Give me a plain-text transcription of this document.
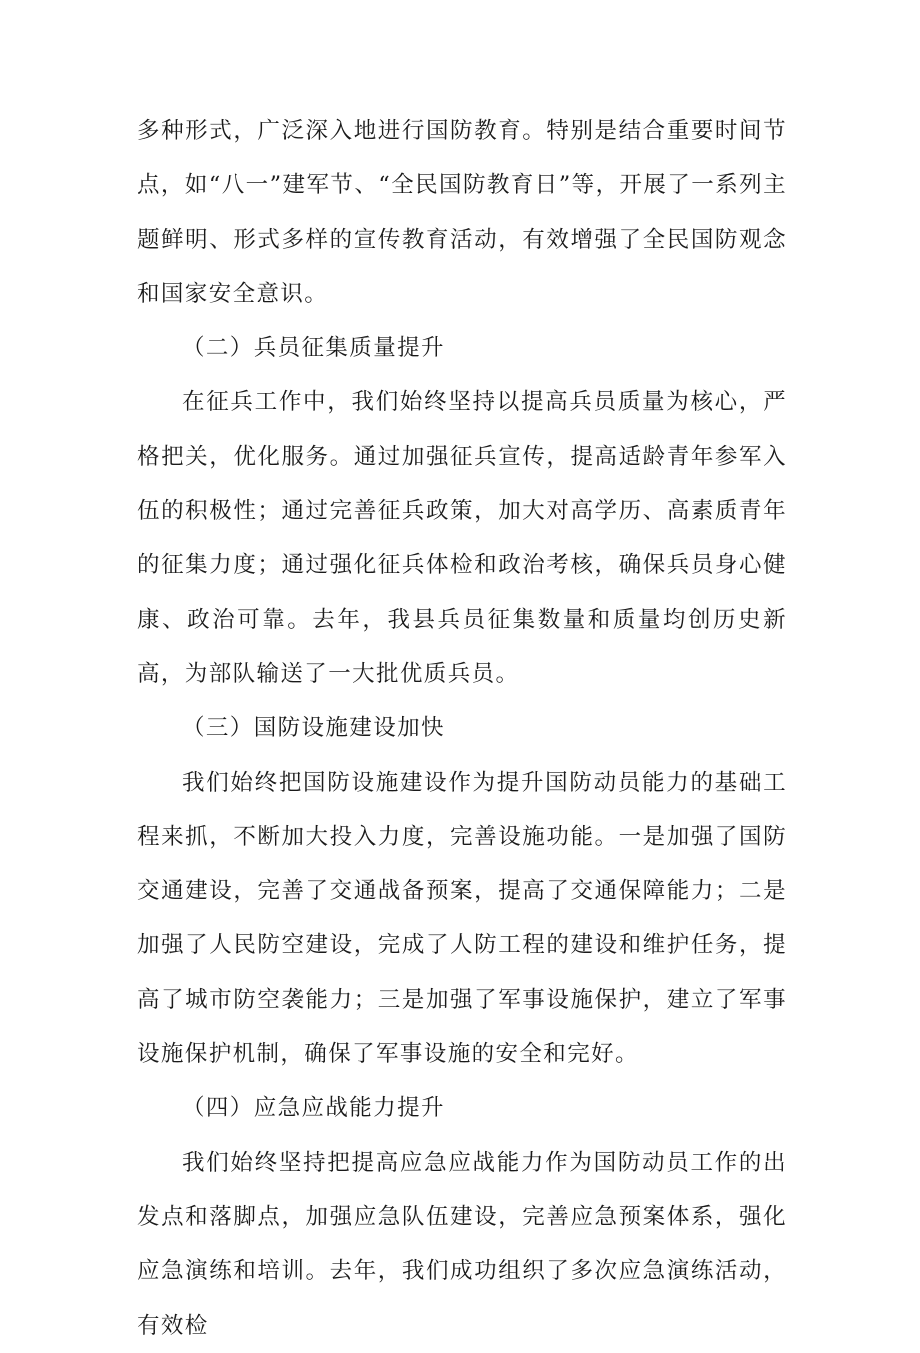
多种形式，广泛深入地进行国防教育。特别是结合重要时间节点，如“八一”建军节、“全民国防教育日”等，开展了一系列主题鲜明、形式多样的宣传教育活动，有效增强了全民国防观念和国家安全意识。

（二）兵员征集质量提升

在征兵工作中，我们始终坚持以提高兵员质量为核心，严格把关，优化服务。通过加强征兵宣传，提高适龄青年参军入伍的积极性；通过完善征兵政策，加大对高学历、高素质青年的征集力度；通过强化征兵体检和政治考核，确保兵员身心健康、政治可靠。去年，我县兵员征集数量和质量均创历史新高，为部队输送了一大批优质兵员。

（三）国防设施建设加快

我们始终把国防设施建设作为提升国防动员能力的基础工程来抓，不断加大投入力度，完善设施功能。一是加强了国防交通建设，完善了交通战备预案，提高了交通保障能力；二是加强了人民防空建设，完成了人防工程的建设和维护任务，提高了城市防空袭能力；三是加强了军事设施保护，建立了军事设施保护机制，确保了军事设施的安全和完好。

（四）应急应战能力提升

我们始终坚持把提高应急应战能力作为国防动员工作的出发点和落脚点，加强应急队伍建设，完善应急预案体系，强化应急演练和培训。去年，我们成功组织了多次应急演练活动，有效检
